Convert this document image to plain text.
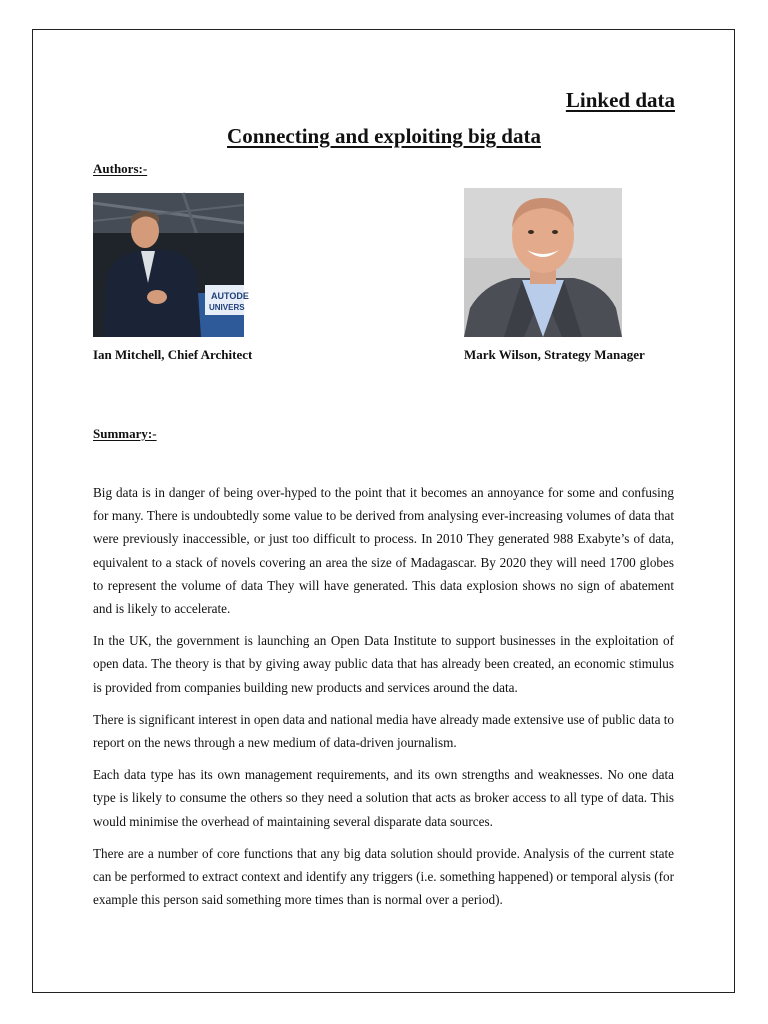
Linked data
Connecting and exploiting big data
Authors:-
AUTODE
UNIVERS
Ian Mitchell, Chief Architect	Mark Wilson, Strategy Manager
Summary:-

Big data is in danger of being over-hyped to the point that it becomes an annoyance for some and confusing for many. There is undoubtedly some value to be derived from analysing ever-increasing volumes of data that were previously inaccessible, or just too difficult to process. In 2010 They generated 988 Exabyte’s of data, equivalent to a stack of novels covering an area the size of Madagascar. By 2020 they will need 1700 globes to represent the volume of data They will have generated. This data explosion shows no sign of abatement and is likely to accelerate.

In the UK, the government is launching an Open Data Institute to support businesses in the exploitation of open data. The theory is that by giving away public data that has already been created, an economic stimulus is provided from companies building new products and services around the data.

There is significant interest in open data and national media have already made extensive use of public data to report on the news through a new medium of data-driven journalism.

Each data type has its own management requirements, and its own strengths and weaknesses. No one data type is likely to consume the others so they need a solution that acts as broker access to all type of data. This would minimise the overhead of maintaining several disparate data sources.

There are a number of core functions that any big data solution should provide. Analysis of the current state can be performed to extract context and identify any triggers (i.e. something happened) or temporal alysis (for example this person said something more times than is normal over a period).
